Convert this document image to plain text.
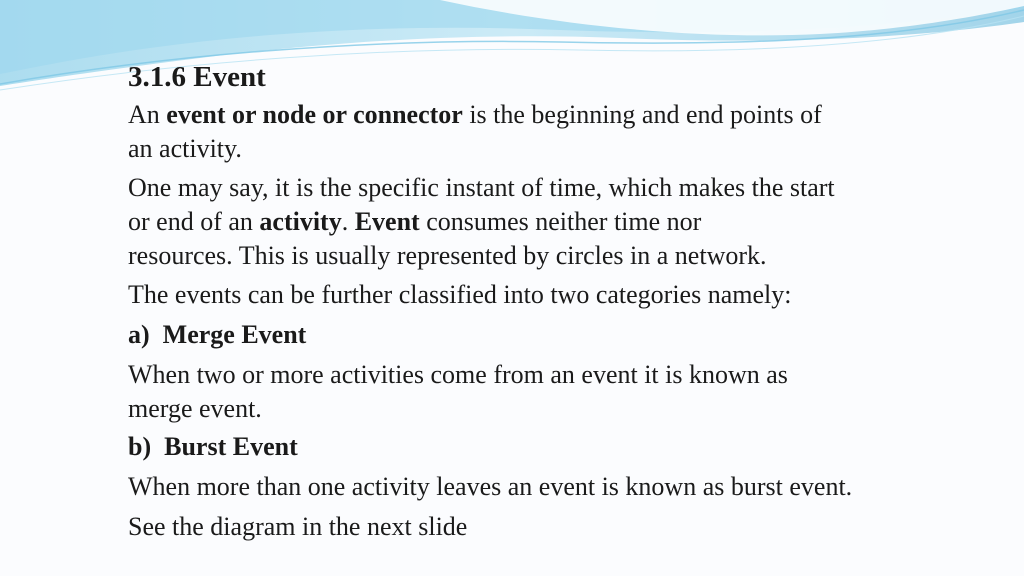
3.1.6 Event

An event or node or connector is the beginning and end points of

an activity.

One may say, it is the specific instant of time, which makes the start

or end of an activity. Event consumes neither time nor

resources. This is usually represented by circles in a network.

The events can be further classified into two categories namely:

a) Merge Event

When two or more activities come from an event it is known as

merge event.

b) Burst Event

When more than one activity leaves an event is known as burst event.

See the diagram in the next slide
